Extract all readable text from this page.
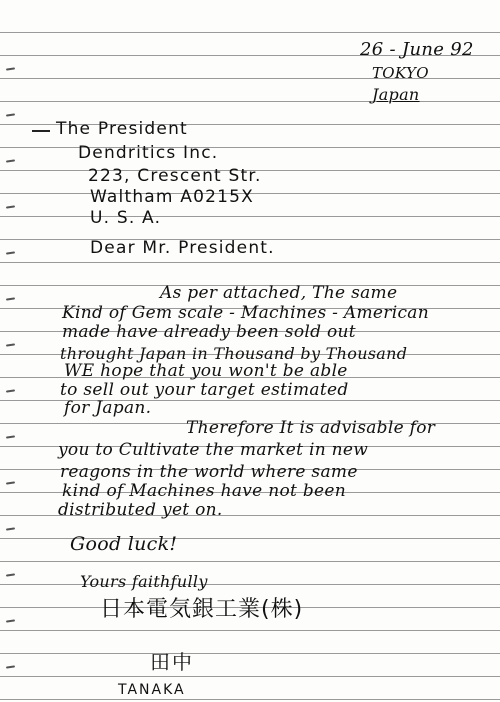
26 - June 92
TOKYO
Japan
The President
Dendritics Inc.
223, Crescent Str.
Waltham A0215X
U. S. A.
Dear Mr. President.
As per attached, The same
Kind of Gem scale - Machines - American
made have already been sold out
throught Japan in Thousand by Thousand
WE hope that you won't be able
to sell out your target estimated
for Japan.
Therefore It is advisable for
you to Cultivate the market in new
reagons in the world where same
kind of Machines have not been
distributed yet on.
Good luck!
Yours faithfully
日本電気銀工業(株)
田中
TANAKA
